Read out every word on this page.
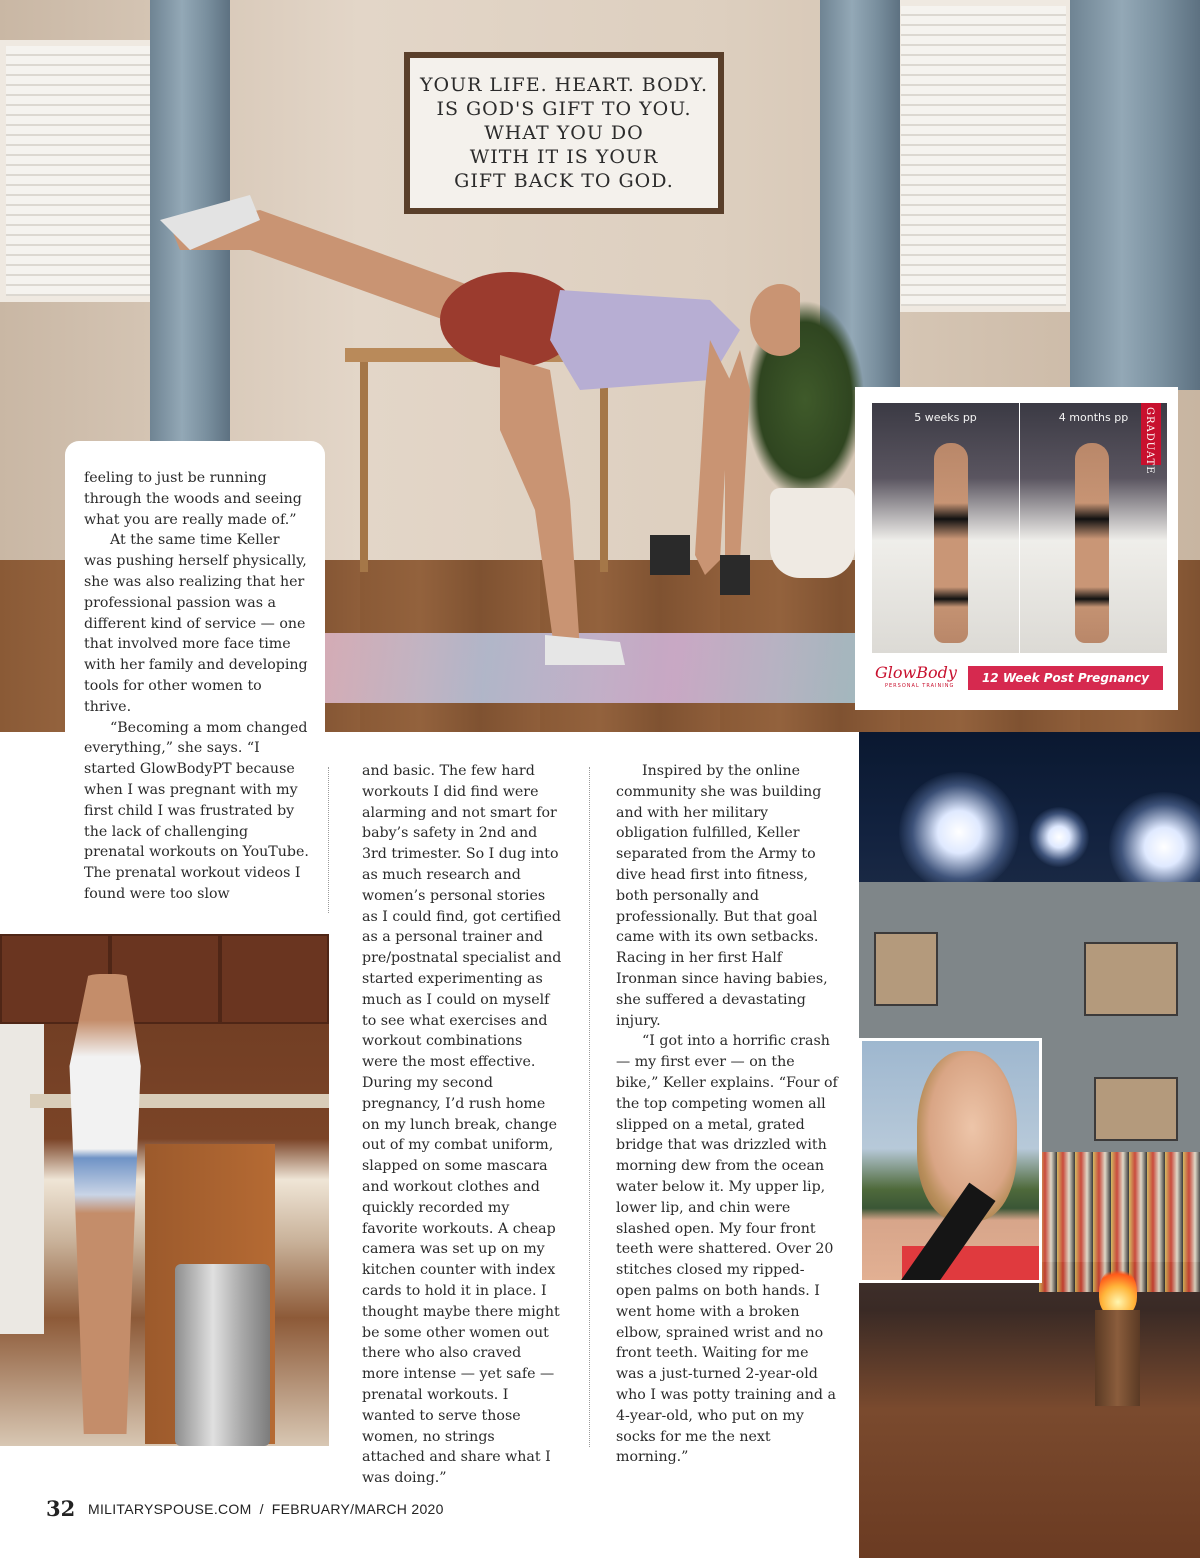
YOUR LIFE. HEART. BODY.
IS GOD'S GIFT TO YOU.
WHAT YOU DO
WITH IT IS YOUR
GIFT BACK TO GOD.
5 weeks pp	4 months pp	GRADUATE
GlowBody
PERSONAL TRAINING
12 Week Post Pregnancy Plan

feeling to just be running through the woods and seeing what you are really made of.”

At the same time Keller was pushing herself physically, she was also realizing that her professional passion was a different kind of service — one that involved more face time with her family and developing tools for other women to thrive.

“Becoming a mom changed everything,” she says. “I started GlowBodyPT because when I was pregnant with my first child I was frustrated by the lack of challenging prenatal workouts on YouTube. The prenatal workout videos I found were too slow

and basic. The few hard workouts I did find were alarming and not smart for baby’s safety in 2nd and 3rd trimester. So I dug into as much research and women’s personal stories as I could find, got certified as a personal trainer and pre/postnatal specialist and started experimenting as much as I could on myself to see what exercises and workout combinations were the most effective. During my second pregnancy, I’d rush home on my lunch break, change out of my combat uniform, slapped on some mascara and workout clothes and quickly recorded my favorite workouts. A cheap camera was set up on my kitchen counter with index cards to hold it in place. I thought maybe there might be some other women out there who also craved more intense — yet safe — prenatal workouts. I wanted to serve those women, no strings attached and share what I was doing.”

Inspired by the online community she was building and with her military obligation fulfilled, Keller separated from the Army to dive head first into fitness, both personally and professionally. But that goal came with its own setbacks. Racing in her first Half Ironman since having babies, she suffered a devastating injury.

“I got into a horrific crash — my first ever — on the bike,” Keller explains. “Four of the top competing women all slipped on a metal, grated bridge that was drizzled with morning dew from the ocean water below it. My upper lip, lower lip, and chin were slashed open. My four front teeth were shattered. Over 20 stitches closed my ripped-open palms on both hands. I went home with a broken elbow, sprained wrist and no front teeth. Waiting for me was a just-turned 2-year-old who I was potty training and a 4-year-old, who put on my socks for me the next morning.”

32 MILITARYSPOUSE.COM / FEBRUARY/MARCH 2020
